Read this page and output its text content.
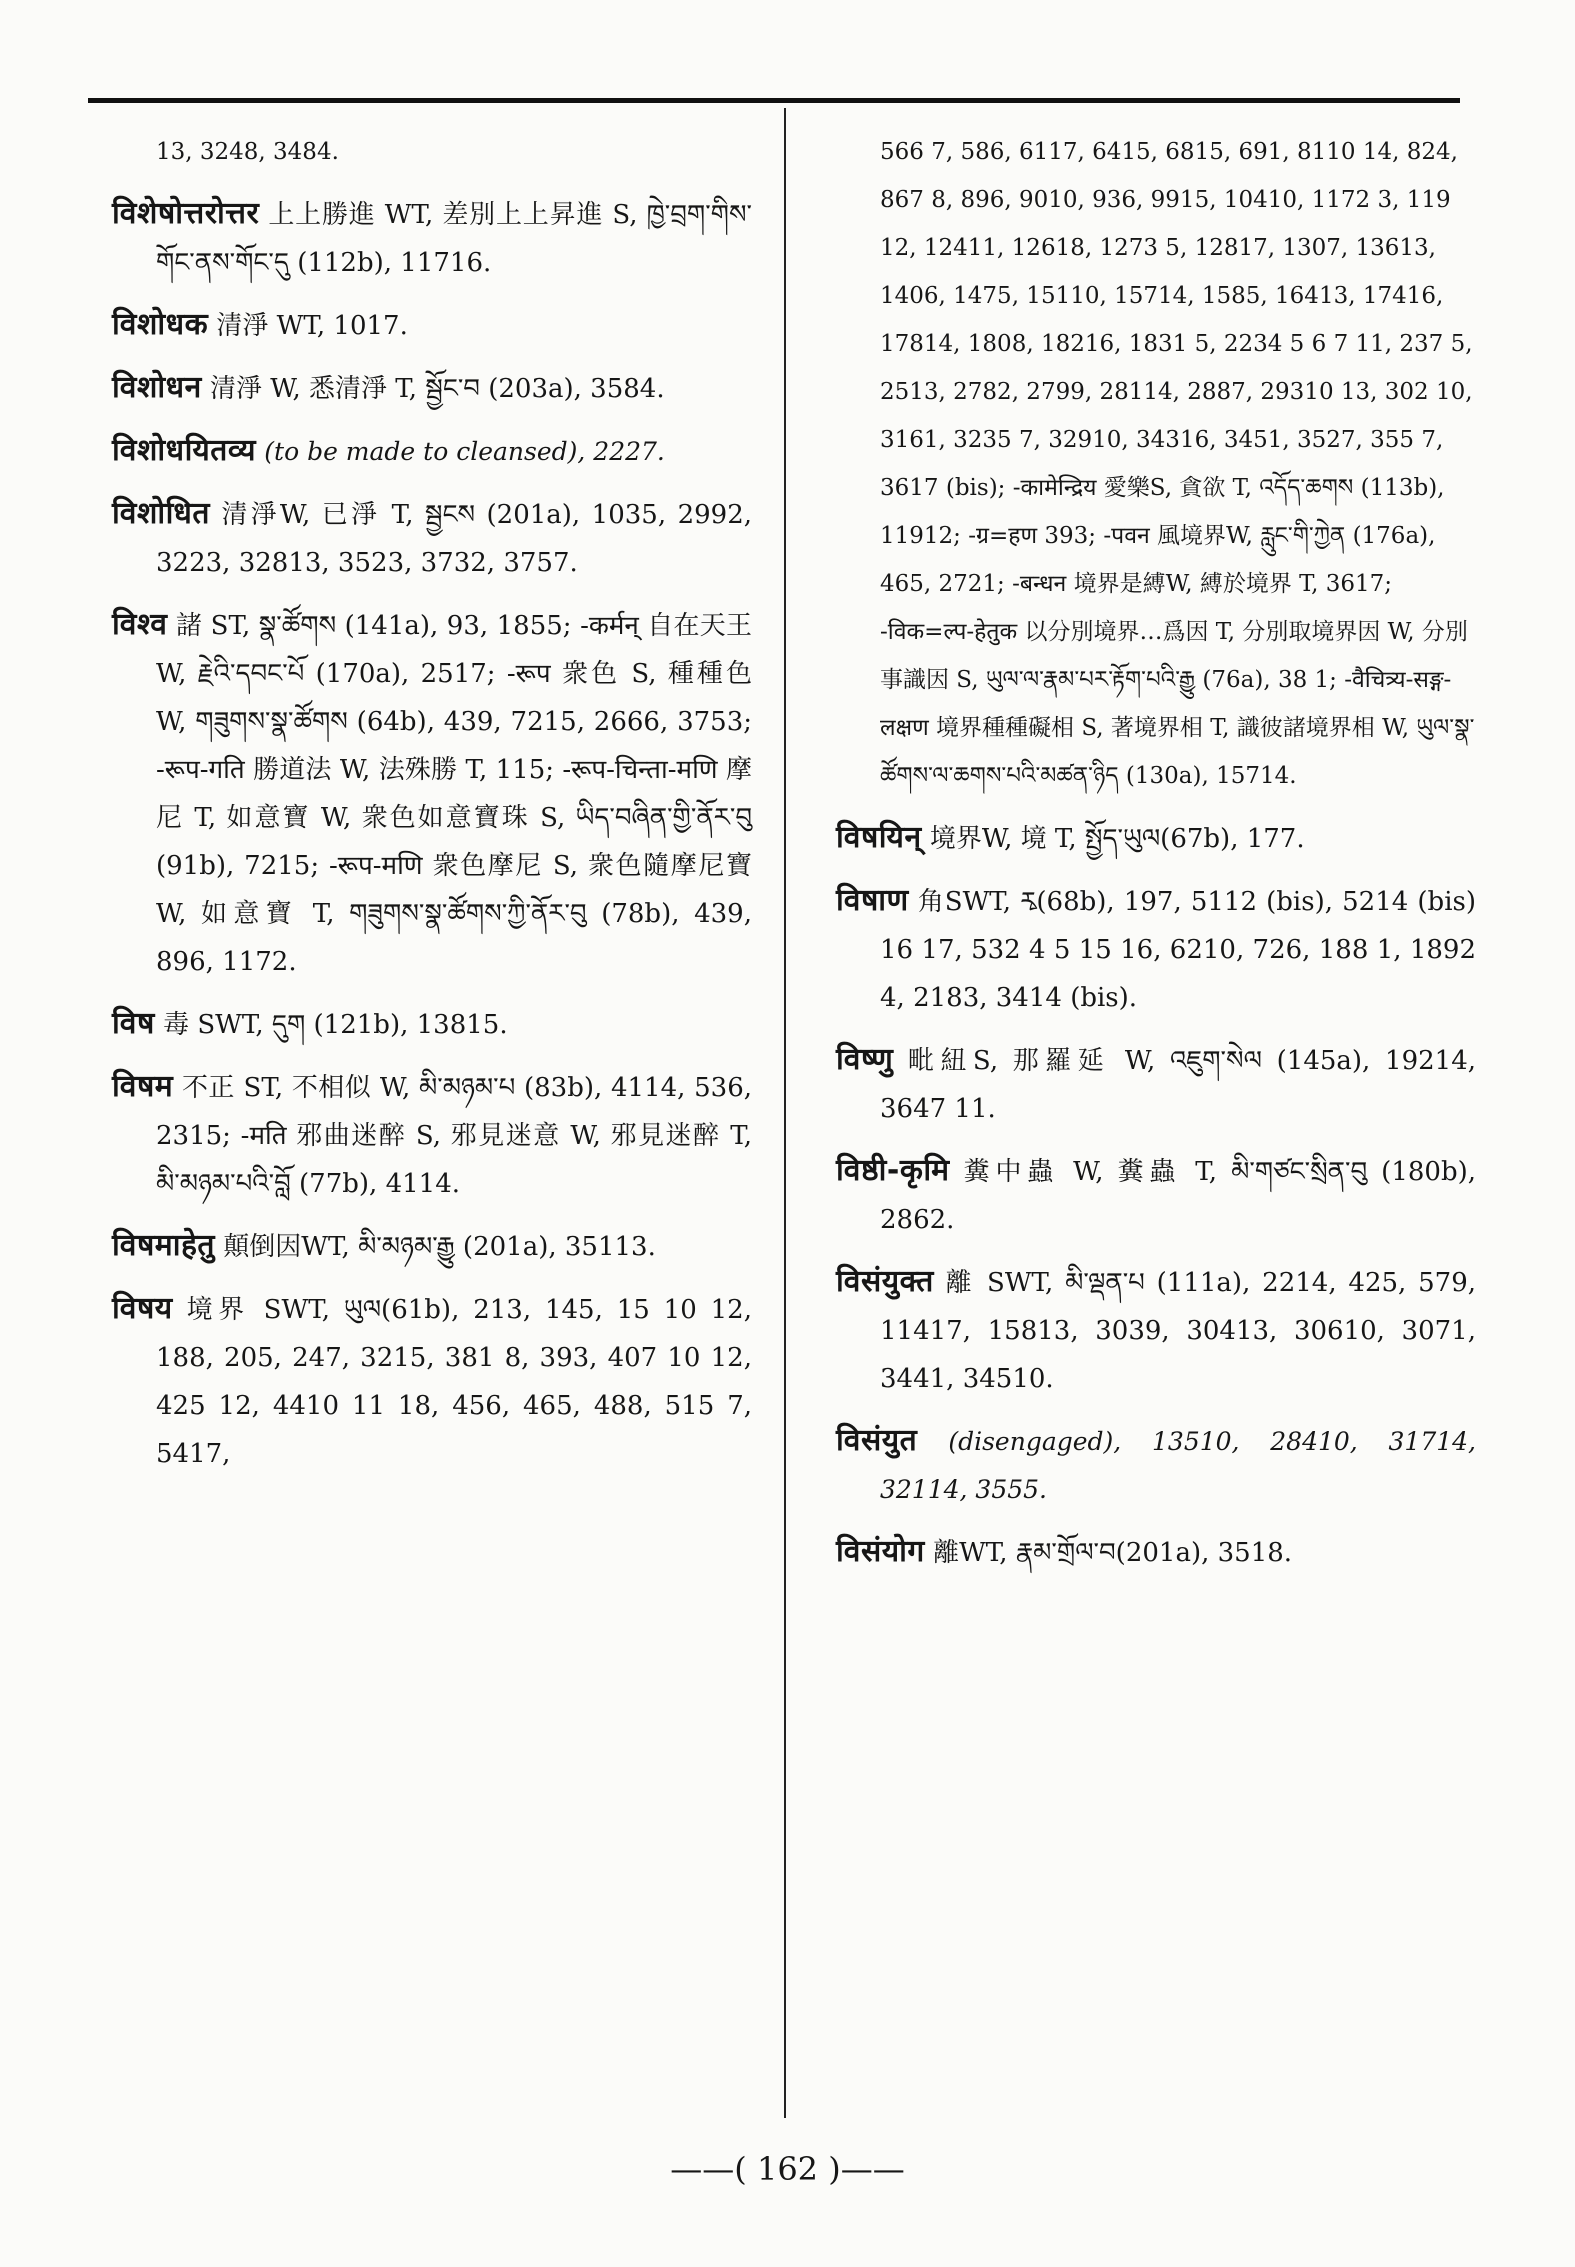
13, 3248, 3484.
विशेषोत्तरोत्तर 上上勝進 WT, 差別上上昇進 S, ཁྱེ་བྲག་གིས་གོང་ནས་གོང་དུ (112b), 11716.
विशोधक 清淨 WT, 1017.
विशोधन 清淨 W, 悉清淨 T, སྦྱོང་བ (203a), 3584.
विशोधयितव्य (to be made to cleansed), 2227.
विशोधित 清淨W, 已淨 T, སྦྱངས (201a), 1035, 2992, 3223, 32813, 3523, 3732, 3757.
विश्व 諸 ST, སྣ་ཚོགས (141a), 93, 1855; -कर्मन् 自在天王 W, རྗེའི་དབང་པོ (170a), 2517; -रूप 衆色 S, 種種色 W, གཟུགས་སྣ་ཚོགས (64b), 439, 7215, 2666, 3753; -रूप-गति 勝道法 W, 法殊勝 T, 115; -रूप-चिन्ता-मणि 摩尼 T, 如意寶 W, 衆色如意寶珠 S, ཡིད་བཞིན་གྱི་ནོར་བུ (91b), 7215; -रूप-मणि 衆色摩尼 S, 衆色隨摩尼寶 W, 如意寶 T, གཟུགས་སྣ་ཚོགས་ཀྱི་ནོར་བུ (78b), 439, 896, 1172.
विष 毒 SWT, དུག (121b), 13815.
विषम 不正 ST, 不相似 W, མི་མཉམ་པ (83b), 4114, 536, 2315; -मति 邪曲迷醉 S, 邪見迷意 W, 邪見迷醉 T, མི་མཉམ་པའི་བློ (77b), 4114.
विषमाहेतु 顛倒因WT, མི་མཉམ་རྒྱུ (201a), 35113.
विषय 境界 SWT, ཡུལ(61b), 213, 145, 15 10 12, 188, 205, 247, 3215, 381 8, 393, 407 10 12, 425 12, 4410 11 18, 456, 465, 488, 515 7, 5417,
566 7, 586, 6117, 6415, 6815, 691, 8110 14, 824, 867 8, 896, 9010, 936, 9915, 10410, 1172 3, 119 12, 12411, 12618, 1273 5, 12817, 1307, 13613, 1406, 1475, 15110, 15714, 1585, 16413, 17416, 17814, 1808, 18216, 1831 5, 2234 5 6 7 11, 237 5, 2513, 2782, 2799, 28114, 2887, 29310 13, 302 10, 3161, 3235 7, 32910, 34316, 3451, 3527, 355 7, 3617 (bis); -कामेन्द्रिय 愛樂S, 貪欲 T, འདོད་ཆགས (113b), 11912; -ग्र=हण 393; -पवन 風境界W, རླུང་གི་ཀྱེན (176a), 465, 2721; -बन्धन 境界是縛W, 縛於境界 T, 3617; -विक=ल्प-हेतुक 以分別境界…爲因 T, 分別取境界因 W, 分別事識因 S, ཡུལ་ལ་རྣམ་པར་རྟོག་པའི་རྒྱུ (76a), 38 1; -वैचित्र्य-सङ्ग-लक्षण 境界種種礙相 S, 著境界相 T, 識彼諸境界相 W, ཡུལ་སྣ་ཚོགས་ལ་ཆགས་པའི་མཚན་ཉིད (130a), 15714.
विषयिन् 境界W, 境 T, སྤྱོད་ཡུལ(67b), 177.
विषाण 角SWT, རྭ(68b), 197, 5112 (bis), 5214 (bis) 16 17, 532 4 5 15 16, 6210, 726, 188 1, 1892 4, 2183, 3414 (bis).
विष्णु 毗紐S, 那羅延 W, འཇུག་སེལ (145a), 19214, 3647 11.
विष्ठी-कृमि 糞中蟲 W, 糞蟲 T, མི་གཙང་སྲིན་བུ (180b), 2862.
विसंयुक्त 離 SWT, མི་ལྡན་པ (111a), 2214, 425, 579, 11417, 15813, 3039, 30413, 30610, 3071, 3441, 34510.
विसंयुत (disengaged), 13510, 28410, 31714, 32114, 3555.
विसंयोग 離WT, རྣམ་གྲོལ་བ(201a), 3518.
——( 162 )——
